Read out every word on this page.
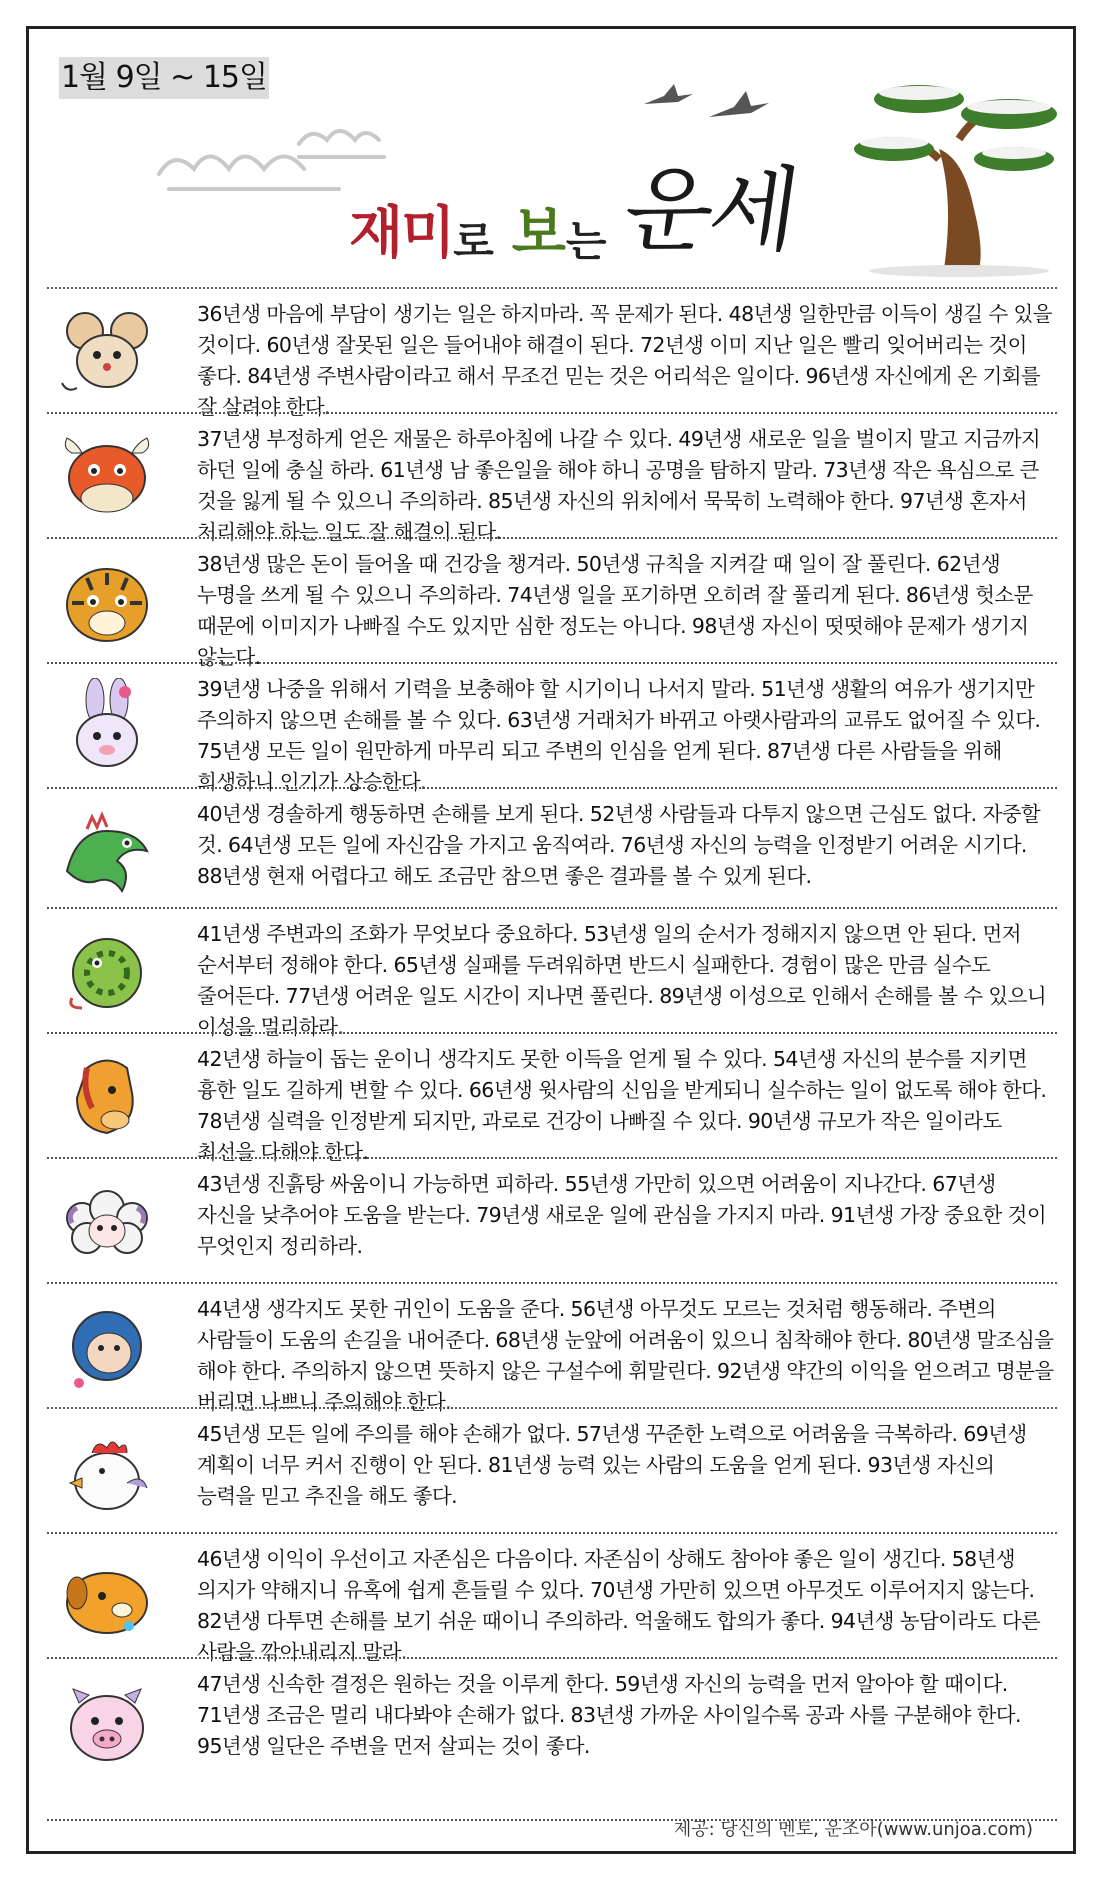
1월 9일 ~ 15일
재미 로 보 는 운세
36년생 마음에 부담이 생기는 일은 하지마라. 꼭 문제가 된다. 48년생 일한만큼 이득이 생길 수 있을 것이다. 60년생 잘못된 일은 들어내야 해결이 된다. 72년생 이미 지난 일은 빨리 잊어버리는 것이 좋다. 84년생 주변사람이라고 해서 무조건 믿는 것은 어리석은 일이다. 96년생 자신에게 온 기회를 잘 살려야 한다.
37년생 부정하게 얻은 재물은 하루아침에 나갈 수 있다. 49년생 새로운 일을 벌이지 말고 지금까지 하던 일에 충실 하라. 61년생 남 좋은일을 해야 하니 공명을 탐하지 말라. 73년생 작은 욕심으로 큰 것을 잃게 될 수 있으니 주의하라. 85년생 자신의 위치에서 묵묵히 노력해야 한다. 97년생 혼자서 처리해야 하는 일도 잘 해결이 된다.
38년생 많은 돈이 들어올 때 건강을 챙겨라. 50년생 규칙을 지켜갈 때 일이 잘 풀린다. 62년생 누명을 쓰게 될 수 있으니 주의하라. 74년생 일을 포기하면 오히려 잘 풀리게 된다. 86년생 헛소문 때문에 이미지가 나빠질 수도 있지만 심한 정도는 아니다. 98년생 자신이 떳떳해야 문제가 생기지 않는다.
39년생 나중을 위해서 기력을 보충해야 할 시기이니 나서지 말라. 51년생 생활의 여유가 생기지만 주의하지 않으면 손해를 볼 수 있다. 63년생 거래처가 바뀌고 아랫사람과의 교류도 없어질 수 있다. 75년생 모든 일이 원만하게 마무리 되고 주변의 인심을 얻게 된다. 87년생 다른 사람들을 위해 희생하니 인기가 상승한다.
40년생 경솔하게 행동하면 손해를 보게 된다. 52년생 사람들과 다투지 않으면 근심도 없다. 자중할 것. 64년생 모든 일에 자신감을 가지고 움직여라. 76년생 자신의 능력을 인정받기 어려운 시기다. 88년생 현재 어렵다고 해도 조금만 참으면 좋은 결과를 볼 수 있게 된다.
41년생 주변과의 조화가 무엇보다 중요하다. 53년생 일의 순서가 정해지지 않으면 안 된다. 먼저 순서부터 정해야 한다. 65년생 실패를 두려워하면 반드시 실패한다. 경험이 많은 만큼 실수도 줄어든다. 77년생 어려운 일도 시간이 지나면 풀린다. 89년생 이성으로 인해서 손해를 볼 수 있으니 이성을 멀리하라.
42년생 하늘이 돕는 운이니 생각지도 못한 이득을 얻게 될 수 있다. 54년생 자신의 분수를 지키면 흉한 일도 길하게 변할 수 있다. 66년생 윗사람의 신임을 받게되니 실수하는 일이 없도록 해야 한다. 78년생 실력을 인정받게 되지만, 과로로 건강이 나빠질 수 있다. 90년생 규모가 작은 일이라도 최선을 다해야 한다.
43년생 진흙탕 싸움이니 가능하면 피하라. 55년생 가만히 있으면 어려움이 지나간다. 67년생 자신을 낮추어야 도움을 받는다. 79년생 새로운 일에 관심을 가지지 마라. 91년생 가장 중요한 것이 무엇인지 정리하라.
44년생 생각지도 못한 귀인이 도움을 준다. 56년생 아무것도 모르는 것처럼 행동해라. 주변의 사람들이 도움의 손길을 내어준다. 68년생 눈앞에 어려움이 있으니 침착해야 한다. 80년생 말조심을 해야 한다. 주의하지 않으면 뜻하지 않은 구설수에 휘말린다. 92년생 약간의 이익을 얻으려고 명분을 버리면 나쁘니 주의해야 한다.
45년생 모든 일에 주의를 해야 손해가 없다. 57년생 꾸준한 노력으로 어려움을 극복하라. 69년생 계획이 너무 커서 진행이 안 된다. 81년생 능력 있는 사람의 도움을 얻게 된다. 93년생 자신의 능력을 믿고 추진을 해도 좋다.
46년생 이익이 우선이고 자존심은 다음이다. 자존심이 상해도 참아야 좋은 일이 생긴다. 58년생 의지가 약해지니 유혹에 쉽게 흔들릴 수 있다. 70년생 가만히 있으면 아무것도 이루어지지 않는다. 82년생 다투면 손해를 보기 쉬운 때이니 주의하라. 억울해도 합의가 좋다. 94년생 농담이라도 다른 사람을 깎아내리지 말라.
47년생 신속한 결정은 원하는 것을 이루게 한다. 59년생 자신의 능력을 먼저 알아야 할 때이다. 71년생 조금은 멀리 내다봐야 손해가 없다. 83년생 가까운 사이일수록 공과 사를 구분해야 한다. 95년생 일단은 주변을 먼저 살피는 것이 좋다.
제공: 당신의 멘토, 운조아(www.unjoa.com)
